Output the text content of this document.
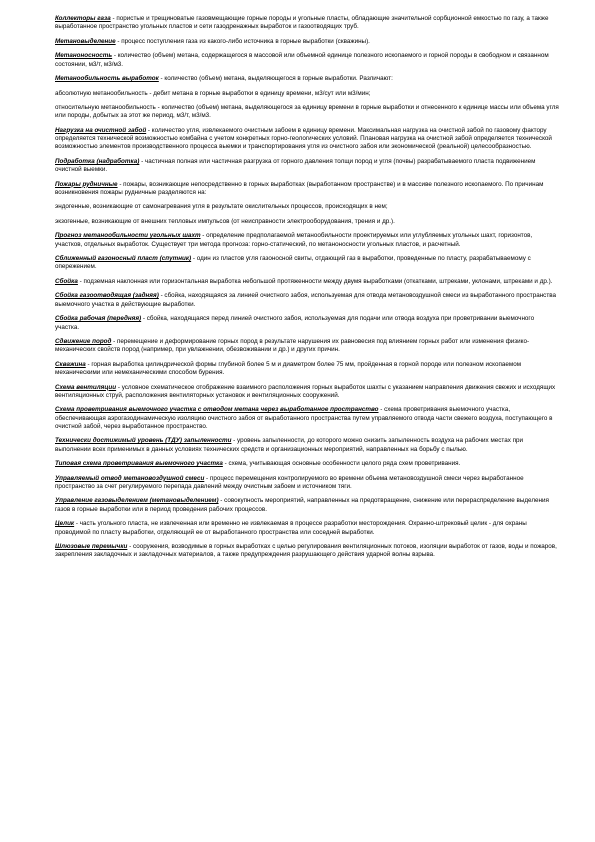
Коллекторы газа - пористые и трещиноватые газовмещающие горные породы и угольные пласты, обладающие значительной сорбционной емкостью по газу, а также выработанное пространство угольных пластов и сети газодренажных выработок и газоотводящих труб.

Метановыделение - процесс поступления газа из какого-либо источника в горные выработки (скважины).

Метаноносность - количество (объем) метана, содержащегося в массовой или объемной единице полезного ископаемого и горной породы в свободном и связанном состоянии, м3/т, м3/м3.

Метанообильность выработок - количество (объем) метана, выделяющегося в горные выработки. Различают:

абсолютную метанообильность - дебит метана в горные выработки в единицу времени, м3/сут или м3/мин;

относительную метанообильность - количество (объем) метана, выделяющегося за единицу времени в горные выработки и отнесенного к единице массы или объема угля или породы, добытых за этот же период, м3/т, м3/м3.

Нагрузка на очистной забой - количество угля, извлекаемого очистным забоем в единицу времени. Максимальная нагрузка на очистной забой по газовому фактору определяется технической возможностью комбайна с учетом конкретных горно-геологических условий. Плановая нагрузка на очистной забой определяется технической возможностью элементов производственного процесса выемки и транспортирования угля из очистного забоя или экономической (реальной) целесообразностью.

Подработка (надработка) - частичная полная или частичная разгрузка от горного давления толщи пород и угля (почвы) разрабатываемого пласта подвижением очистной выемки.

Пожары рудничные - пожары, возникающие непосредственно в горных выработках (выработанном пространстве) и в массиве полезного ископаемого. По причинам возникновения пожары рудничные разделяются на:

эндогенные, возникающие от самонагревания угля в результате окислительных процессов, происходящих в нем;

экзогенные, возникающие от внешних тепловых импульсов (от неисправности электрооборудования, трения и др.).

Прогноз метанообильности угольных шахт - определение предполагаемой метанообильности проектируемых или углубляемых угольных шахт, горизонтов, участков, отдельных выработок. Существует три метода прогноза: горно-статический, по метаноносности угольных пластов, и расчетный.

Сближенный газоносный пласт (спутник) - один из пластов угля газоносной свиты, отдающий газ в выработки, проведенные по пласту, разрабатываемому с опережением.

Сбойка - подземная наклонная или горизонтальная выработка небольшой протяженности между двумя выработками (откатками, штреками, уклонами, штреками и др.).

Сбойка газоотводящая (задняя) - сбойка, находящаяся за линией очистного забоя, используемая для отвода метановоздушной смеси из выработанного пространства выемочного участка в действующие выработки.

Сбойка рабочая (передняя) - сбойка, находящаяся перед линией очистного забоя, используемая для подачи или отвода воздуха при проветривании выемочного участка.

Сдвижение пород - перемещение и деформирование горных пород в результате нарушения их равновесия под влиянием горных работ или изменения физико-механических свойств пород (например, при увлажнении, обезвоживании и др.) и других причин.

Скважина - горная выработка цилиндрической формы глубиной более 5 м и диаметром более 75 мм, пройденная в горной породе или полезном ископаемом механическими или немеханическими способом бурения.

Схема вентиляции - условное схематическое отображение взаимного расположения горных выработок шахты с указанием направления движения свежих и исходящих вентиляционных струй, расположения вентиляторных установок и вентиляционных сооружений.

Схема проветривания выемочного участка с отводом метана через выработанное пространство - схема проветривания выемочного участка, обеспечивающая аэрогазодинамическую изоляцию очистного забоя от выработанного пространства путем управляемого отвода части свежего воздуха, поступающего в очистной забой, через выработанное пространство.

Технически достижимый уровень (ТДУ) запыленности - уровень запыленности, до которого можно снизить запыленность воздуха на рабочих местах при выполнении всех применимых в данных условиях технических средств и организационных мероприятий, направленных на борьбу с пылью.

Типовая схема проветривания выемочного участка - схема, учитывающая основные особенности целого ряда схем проветривания.

Управляемый отвод метановоздушной смеси - процесс перемещения контролируемого во времени объема метановоздушной смеси через выработанное пространство за счет регулируемого перепада давлений между очистным забоем и источником тяги.

Управление газовыделением (метановыделением) - совокупность мероприятий, направленных на предотвращение, снижение или перераспределение выделения газов в горные выработки или в период проведения рабочих процессов.

Целик - часть угольного пласта, не извлеченная или временно не извлекаемая в процессе разработки месторождения. Охранно-штрековый целик - для охраны проводимой по пласту выработки, отделяющий ее от выработанного пространства или соседней выработки.

Шлюзовые перемычки - сооружения, возводимые в горных выработках с целью регулирования вентиляционных потоков, изоляции выработок от газов, воды и пожаров, закрепления закладочных и закладочных материалов, а также предупреждения разрушающего действия ударной волны взрыва.
